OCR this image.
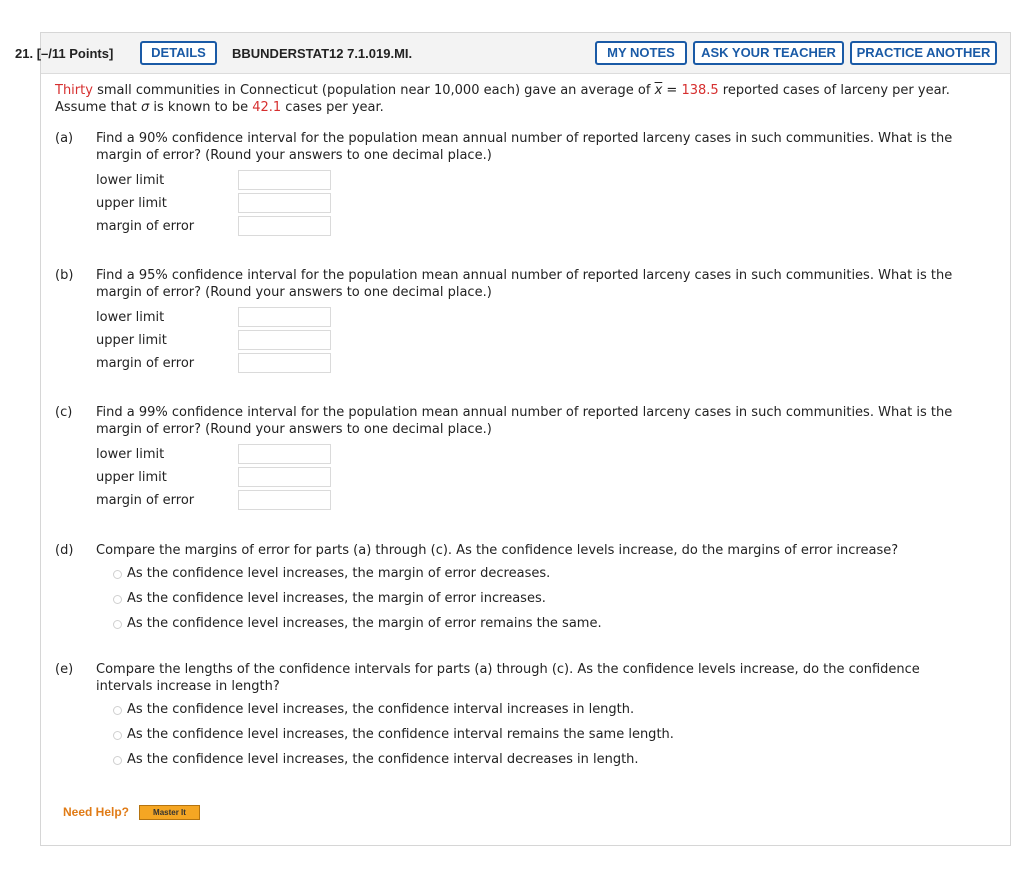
21. [–/11 Points]	DETAILS	BBUNDERSTAT12 7.1.019.MI.	MY NOTES	ASK YOUR TEACHER	PRACTICE ANOTHER
Thirty small communities in Connecticut (population near 10,000 each) gave an average of $\overline{x} = 138.5$ reported cases of larceny per year.
Assume that σ is known to be 42.1 cases per year.
(a) Find a 90% confidence interval for the population mean annual number of reported larceny cases in such communities. What is the
margin of error? (Round your answers to one decimal place.)
lower limit
upper limit
margin of error
(b) Find a 95% confidence interval for the population mean annual number of reported larceny cases in such communities. What is the
margin of error? (Round your answers to one decimal place.)
lower limit
upper limit
margin of error
(c) Find a 99% confidence interval for the population mean annual number of reported larceny cases in such communities. What is the
margin of error? (Round your answers to one decimal place.)
lower limit
upper limit
margin of error
(d) Compare the margins of error for parts (a) through (c). As the confidence levels increase, do the margins of error increase?
As the confidence level increases, the margin of error decreases.
As the confidence level increases, the margin of error increases.
As the confidence level increases, the margin of error remains the same.
(e) Compare the lengths of the confidence intervals for parts (a) through (c). As the confidence levels increase, do the confidence
intervals increase in length?
As the confidence level increases, the confidence interval increases in length.
As the confidence level increases, the confidence interval remains the same length.
As the confidence level increases, the confidence interval decreases in length.
Need Help?	Master It
